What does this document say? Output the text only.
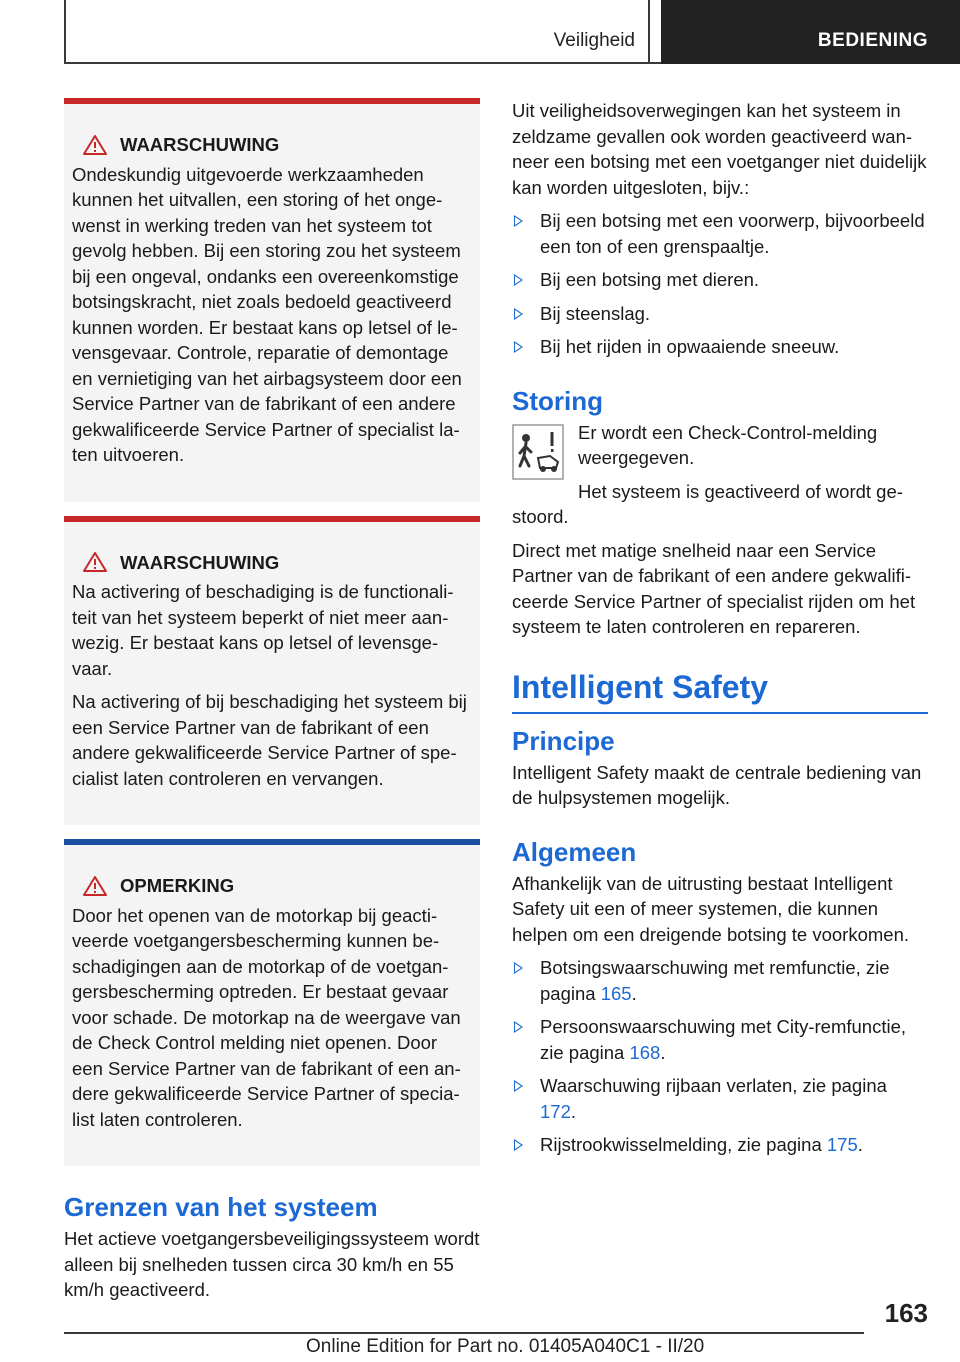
Veiligheid	BEDIENING
WAARSCHUWING

Ondeskundig uitgevoerde werkzaamheden kunnen het uitvallen, een storing of het ongewenst in werking treden van het systeem tot gevolg hebben. Bij een storing zou het systeem bij een ongeval, ondanks een overeenkomstige botsingskracht, niet zoals bedoeld geactiveerd kunnen worden. Er bestaat kans op letsel of levensgevaar. Controle, reparatie of demontage en vernietiging van het airbagsysteem door een Service Partner van de fabrikant of een andere gekwalificeerde Service Partner of specialist laten uitvoeren.

WAARSCHUWING

Na activering of beschadiging is de functionaliteit van het systeem beperkt of niet meer aanwezig. Er bestaat kans op letsel of levensgevaar.

Na activering of bij beschadiging het systeem bij een Service Partner van de fabrikant of een andere gekwalificeerde Service Partner of specialist laten controleren en vervangen.

OPMERKING

Door het openen van de motorkap bij geactiveerde voetgangersbescherming kunnen beschadigingen aan de motorkap of de voetgangersbescherming optreden. Er bestaat gevaar voor schade. De motorkap na de weergave van de Check Control melding niet openen. Door een Service Partner van de fabrikant of een andere gekwalificeerde Service Partner of specialist laten controleren.

Grenzen van het systeem

Het actieve voetgangersbeveiligingssysteem wordt alleen bij snelheden tussen circa 30 km/h en 55 km/h geactiveerd.

Uit veiligheidsoverwegingen kan het systeem in zeldzame gevallen ook worden geactiveerd wanneer een botsing met een voetganger niet duidelijk kan worden uitgesloten, bijv.:

Bij een botsing met een voorwerp, bijvoorbeeld een ton of een grenspaaltje.
Bij een botsing met dieren.
Bij steenslag.
Bij het rijden in opwaaiende sneeuw.
Storing

Er wordt een Check-Control-melding weergegeven.

Het systeem is geactiveerd of wordt gestoord.

Direct met matige snelheid naar een Service Partner van de fabrikant of een andere gekwalificeerde Service Partner of specialist rijden om het systeem te laten controleren en repareren.

Intelligent Safety
Principe

Intelligent Safety maakt de centrale bediening van de hulpsystemen mogelijk.

Algemeen

Afhankelijk van de uitrusting bestaat Intelligent Safety uit een of meer systemen, die kunnen helpen om een dreigende botsing te voorkomen.

Botsingswaarschuwing met remfunctie, zie pagina 165.
Persoonswaarschuwing met City-remfunctie, zie pagina 168.
Waarschuwing rijbaan verlaten, zie pagina 172.
Rijstrookwisselmelding, zie pagina 175.
163
Online Edition for Part no. 01405A040C1 - II/20
